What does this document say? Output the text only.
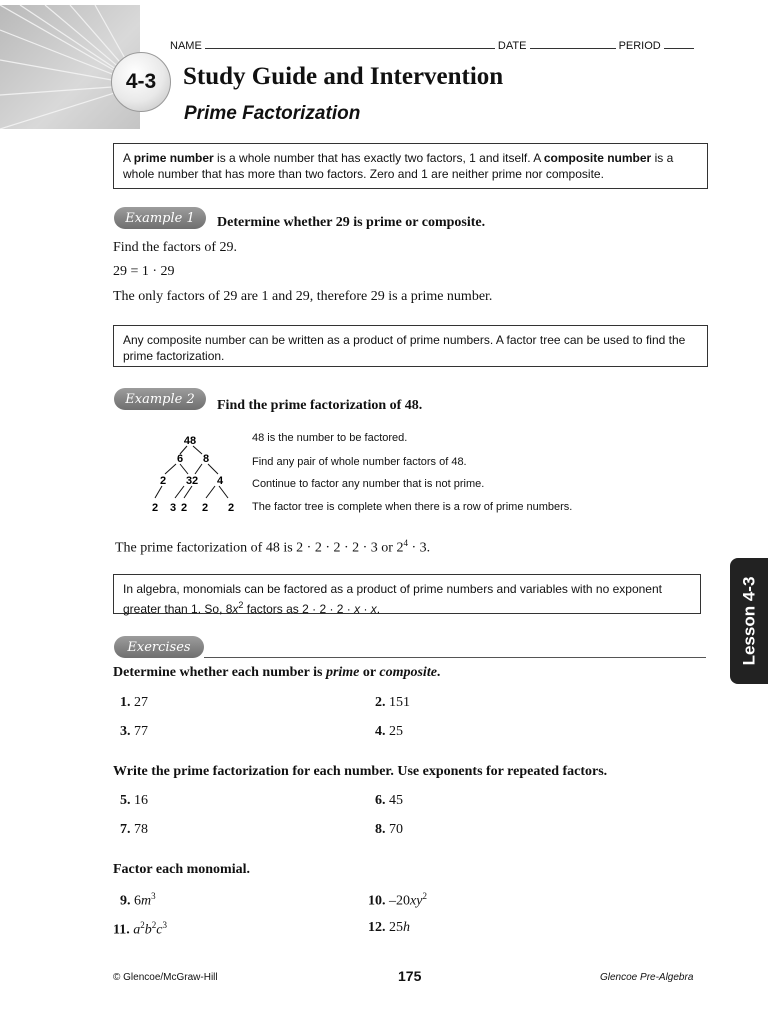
4-3
NAME	DATE	PERIOD
Study Guide and Intervention
Prime Factorization
A prime number is a whole number that has exactly two factors, 1 and itself. A composite number is a whole number that has more than two factors. Zero and 1 are neither prime nor composite.
Example 1	Determine whether 29 is prime or composite.
Find the factors of 29.
29 = 1 · 29
The only factors of 29 are 1 and 29, therefore 29 is a prime number.
Any composite number can be written as a product of prime numbers. A factor tree can be used to find the prime factorization.
Example 2	Find the prime factorization of 48.
48
6 8
2 3 2 4
2 3 2 2 2
48 is the number to be factored.
Find any pair of whole number factors of 48.
Continue to factor any number that is not prime.
The factor tree is complete when there is a row of prime numbers.
The prime factorization of 48 is 2 · 2 · 2 · 2 · 3 or $2^4 \cdot 3$.
In algebra, monomials can be factored as a product of prime numbers and variables with no exponent greater than 1. So, $8x^2$ factors as 2 · 2 · 2 · x · x.
Exercises
Determine whether each number is prime or composite.
1. 27	2. 151
3. 77	4. 25
Write the prime factorization for each number. Use exponents for repeated factors.
5. 16	6. 45
7. 78	8. 70
Factor each monomial.
9. $6m^3$	10. $-20xy^2$
11. $a^2b^2c^3$	12. 25h
© Glencoe/McGraw-Hill	175	Glencoe Pre-Algebra
Lesson 4-3
